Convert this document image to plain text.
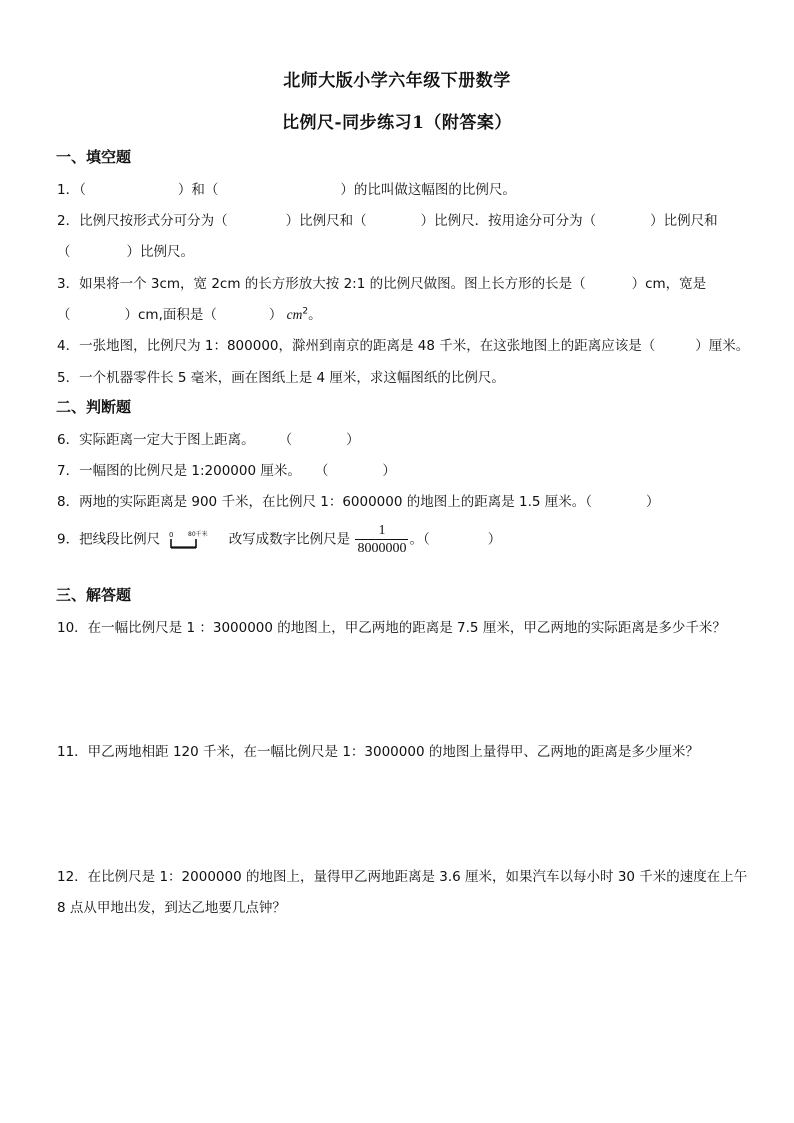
北师大版小学六年级下册数学
比例尺-同步练习1（附答案）
一、填空题
1．（	）和（	）的比叫做这幅图的比例尺。
2．比例尺按形式分可分为（	）比例尺和（	）比例尺．按用途分可分为（	）比例尺和
（	）比例尺。
3．如果将一个 3cm，宽 2cm 的长方形放大按 2:1 的比例尺做图。图上长方形的长是（	）cm，宽是
（	）cm,面积是（	） $cm^2$。
4．一张地图，比例尺为 1：800000，滁州到南京的距离是 48 千米，在这张地图上的距离应该是（	）厘米。
5．一个机器零件长 5 毫米，画在图纸上是 4 厘米，求这幅图纸的比例尺。
二、判断题
6．实际距离一定大于图上距离。 （	）
7．一幅图的比例尺是 1:200000 厘米。 （	）
8．两地的实际距离是 900 千米，在比例尺 1：6000000 的地图上的距离是 1.5 厘米。（	）
9．把线段比例尺 0 80千米 改写成数字比例尺是 $\frac{1}{8000000}$ 。（	）
三、解答题
10．在一幅比例尺是 1 ：3000000 的地图上，甲乙两地的距离是 7.5 厘米，甲乙两地的实际距离是多少千米？
11．甲乙两地相距 120 千米，在一幅比例尺是 1：3000000 的地图上量得甲、乙两地的距离是多少厘米？
12．在比例尺是 1：2000000 的地图上，量得甲乙两地距离是 3.6 厘米，如果汽车以每小时 30 千米的速度在上午
8 点从甲地出发，到达乙地要几点钟？
